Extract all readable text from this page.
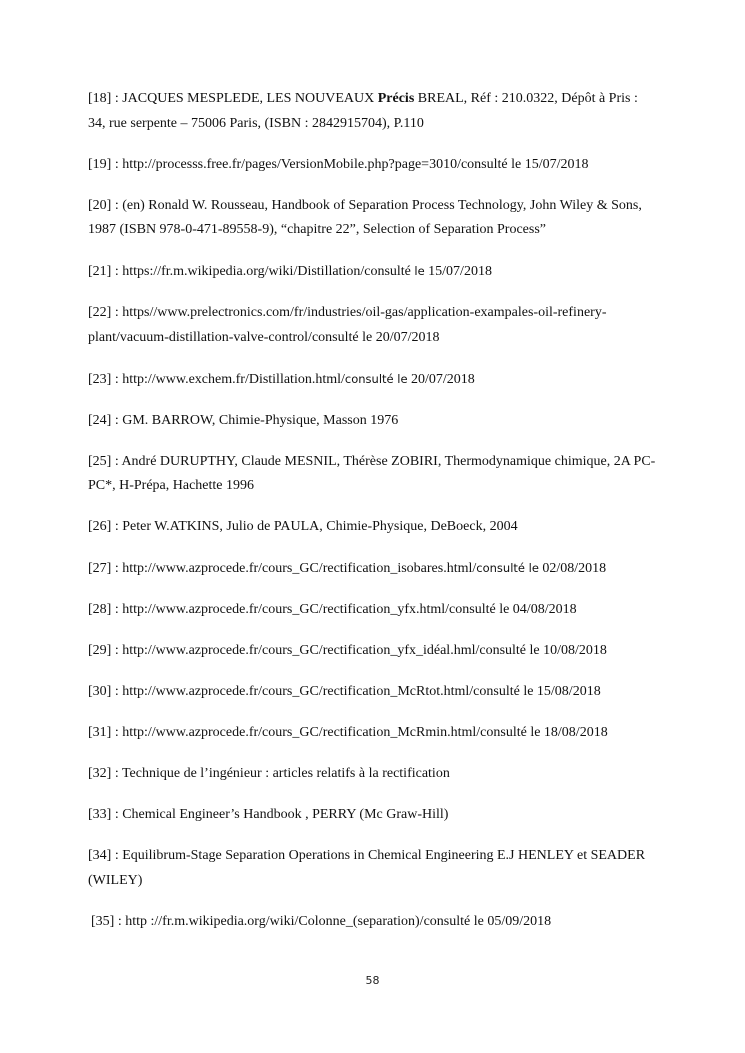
[18] : JACQUES MESPLEDE, LES NOUVEAUX Précis BREAL, Réf : 210.0322, Dépôt à Pris : 34, rue serpente – 75006 Paris, (ISBN : 2842915704), P.110

[19] : http://processs.free.fr/pages/VersionMobile.php?page=3010/consulté le 15/07/2018

[20] : (en) Ronald W. Rousseau, Handbook of Separation Process Technology, John Wiley & Sons, 1987 (ISBN 978-0-471-89558-9), “chapitre 22”, Selection of Separation Process”

[21] : https://fr.m.wikipedia.org/wiki/Distillation/consulté le 15/07/2018

[22] : https//www.prelectronics.com/fr/industries/oil-gas/application-exampales-oil-refinery-plant/vacuum-distillation-valve-control/consulté le 20/07/2018

[23] : http://www.exchem.fr/Distillation.html/consulté le 20/07/2018

[24] : GM. BARROW, Chimie-Physique, Masson 1976

[25] : André DURUPTHY, Claude MESNIL, Thérèse ZOBIRI, Thermodynamique chimique, 2A PC-PC*, H-Prépa, Hachette 1996

[26] : Peter W.ATKINS, Julio de PAULA, Chimie-Physique, DeBoeck, 2004

[27] : http://www.azprocede.fr/cours_GC/rectification_isobares.html/consulté le 02/08/2018

[28] : http://www.azprocede.fr/cours_GC/rectification_yfx.html/consulté le 04/08/2018

[29] : http://www.azprocede.fr/cours_GC/rectification_yfx_idéal.hml/consulté le 10/08/2018

[30] : http://www.azprocede.fr/cours_GC/rectification_McRtot.html/consulté le 15/08/2018

[31] : http://www.azprocede.fr/cours_GC/rectification_McRmin.html/consulté le 18/08/2018

[32] : Technique de l’ingénieur : articles relatifs à la rectification

[33] : Chemical Engineer’s Handbook , PERRY (Mc Graw-Hill)

[34] : Equilibrum-Stage Separation Operations in Chemical Engineering E.J HENLEY et SEADER (WILEY)

[35] : http ://fr.m.wikipedia.org/wiki/Colonne_(separation)/consulté le 05/09/2018

58
